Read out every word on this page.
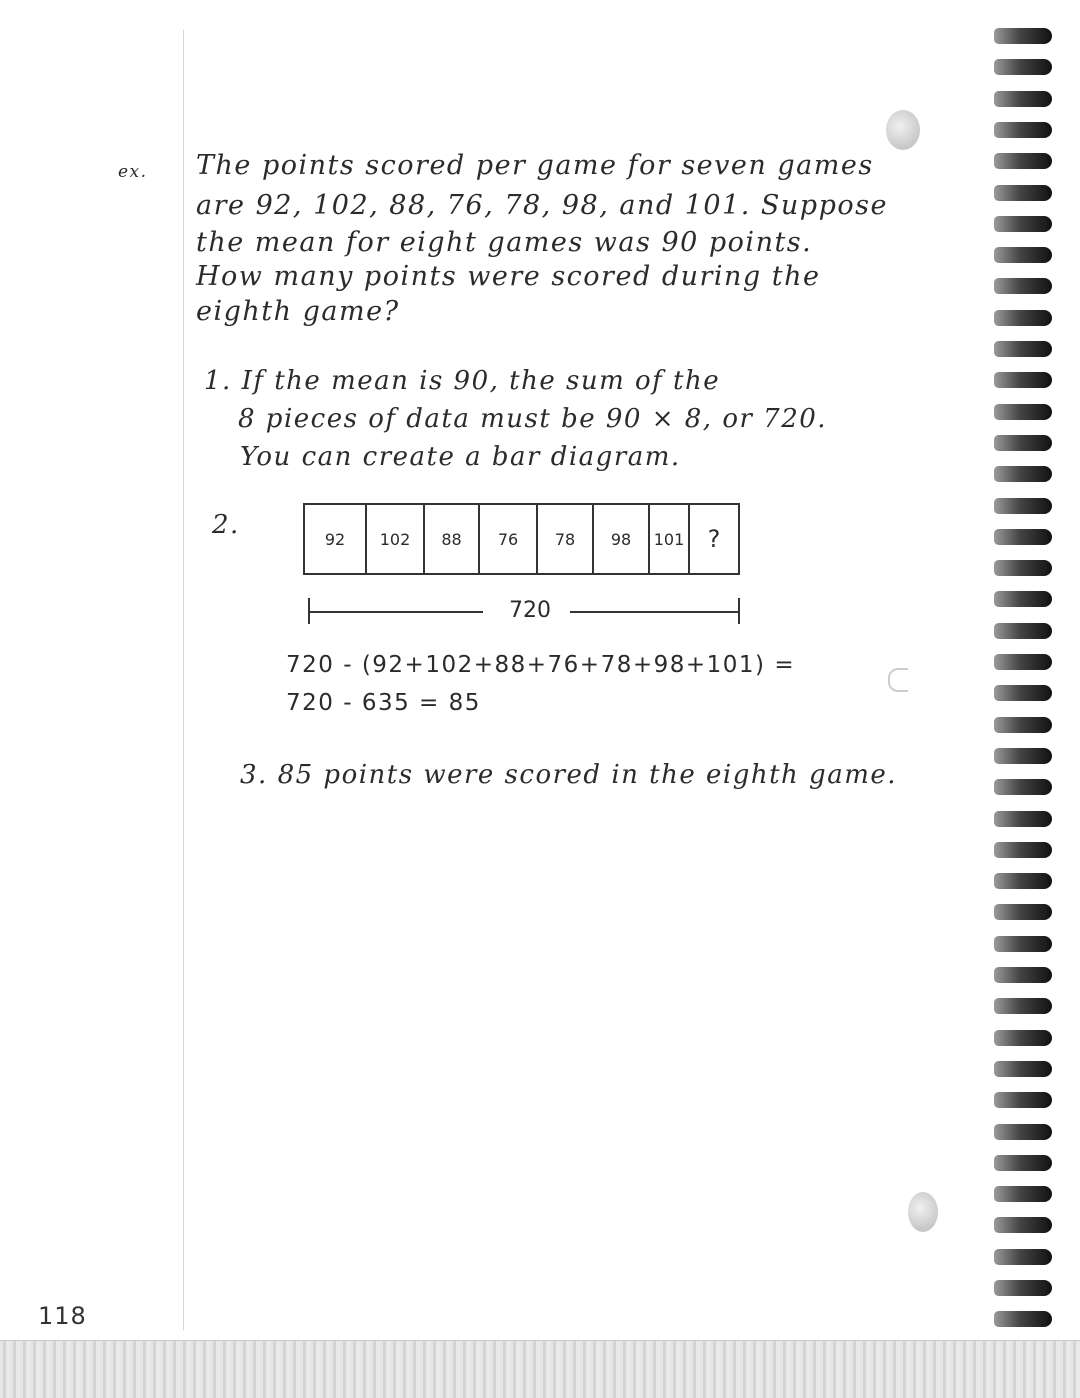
ex. The points scored per game for seven games
are 92, 102, 88, 76, 78, 98, and 101. Suppose
the mean for eight games was 90 points.
How many points were scored during the
eighth game?
1. If the mean is 90, the sum of the
8 pieces of data must be 90 × 8, or 720.
You can create a bar diagram.
2.	92	102	88	76	78	98	101 ?
720
720 - (92+102+88+76+78+98+101) =
720 - 635 = 85
3. 85 points were scored in the eighth game.
118
